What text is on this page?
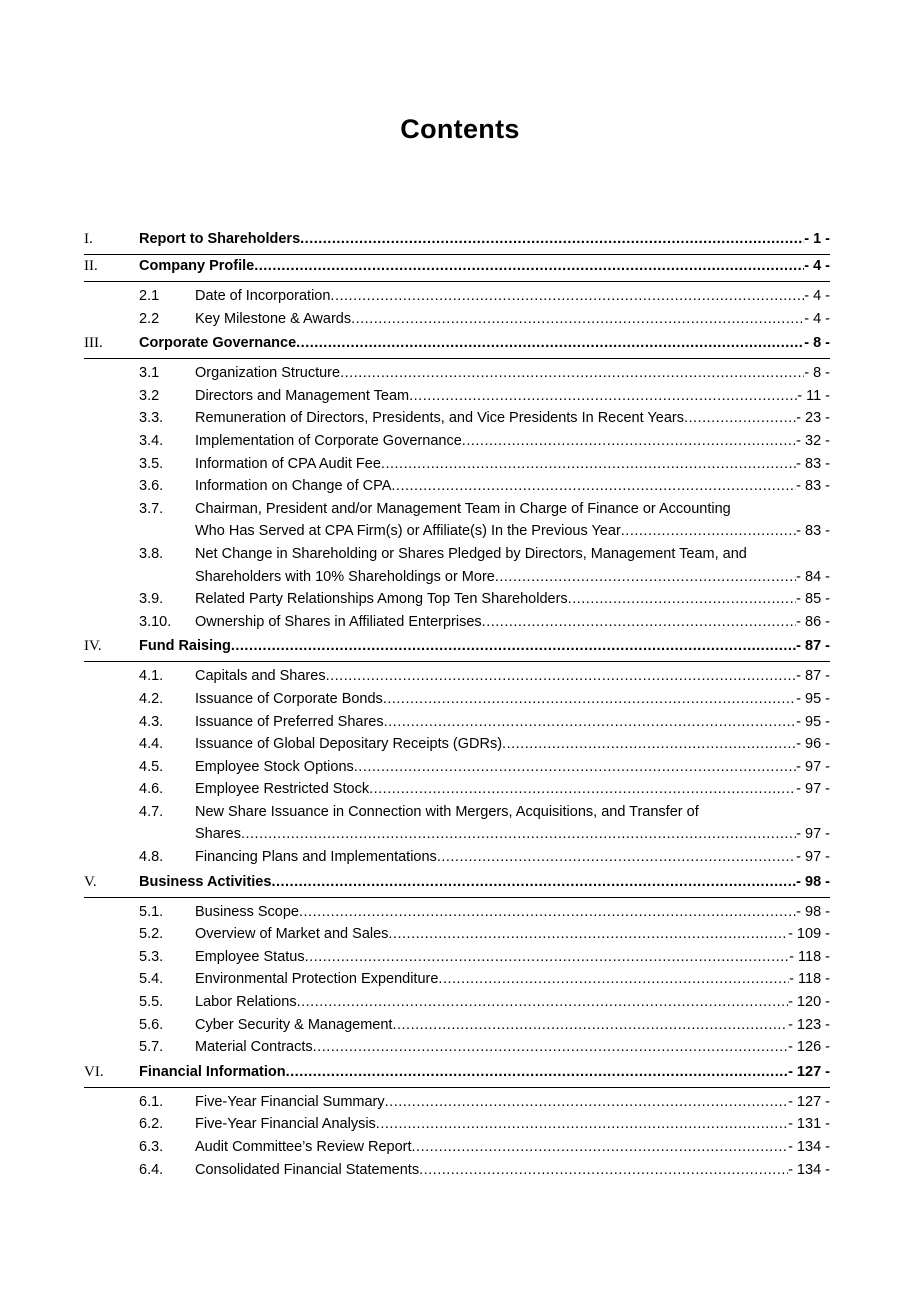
Contents
I.	Report to Shareholders .....	- 1 -
II.	Company Profile .....	- 4 -
2.1 Date of Incorporation .....	- 4 -
2.2 Key Milestone & Awards .....	- 4 -
III.	Corporate Governance .....	- 8 -
3.1 Organization Structure .....	- 8 -
3.2 Directors and Management Team .....	- 11 -
3.3. Remuneration of Directors, Presidents, and Vice Presidents In Recent Years .....	- 23 -
3.4. Implementation of Corporate Governance .....	- 32 -
3.5. Information of CPA Audit Fee .....	- 83 -
3.6. Information on Change of CPA .....	- 83 -
3.7. Chairman, President and/or Management Team in Charge of Finance or Accounting
Who Has Served at CPA Firm(s) or Affiliate(s) In the Previous Year .....	- 83 -
3.8. Net Change in Shareholding or Shares Pledged by Directors, Management Team, and
Shareholders with 10% Shareholdings or More .....	- 84 -
3.9. Related Party Relationships Among Top Ten Shareholders .....	- 85 -
3.10. Ownership of Shares in Affiliated Enterprises .....	- 86 -
IV.	Fund Raising .....	- 87 -
4.1. Capitals and Shares .....	- 87 -
4.2. Issuance of Corporate Bonds .....	- 95 -
4.3. Issuance of Preferred Shares .....	- 95 -
4.4. Issuance of Global Depositary Receipts (GDRs) .....	- 96 -
4.5. Employee Stock Options .....	- 97 -
4.6. Employee Restricted Stock .....	- 97 -
4.7. New Share Issuance in Connection with Mergers, Acquisitions, and Transfer of
Shares .....	- 97 -
4.8. Financing Plans and Implementations .....	- 97 -
V.	Business Activities .....	- 98 -
5.1. Business Scope .....	- 98 -
5.2. Overview of Market and Sales .....	- 109 -
5.3. Employee Status .....	- 118 -
5.4. Environmental Protection Expenditure .....	- 118 -
5.5. Labor Relations .....	- 120 -
5.6. Cyber Security & Management .....	- 123 -
5.7. Material Contracts .....	- 126 -
VI. Financial Information .....	- 127 -
6.1. Five-Year Financial Summary .....	- 127 -
6.2. Five-Year Financial Analysis .....	- 131 -
6.3. Audit Committee’s Review Report .....	- 134 -
6.4. Consolidated Financial Statements .....	- 134 -
